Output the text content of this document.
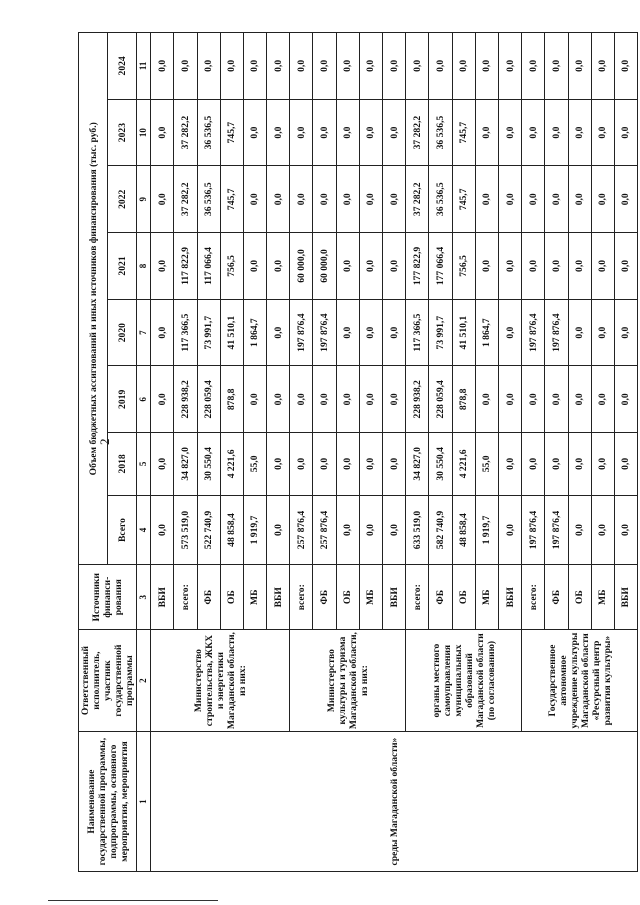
2
Наименование государственной программы, подпрограммы, основного мероприятия, мероприятия	Ответственный исполнитель, участник государственной программы	Источники финанси-рования	Объем бюджетных ассигнований и иных источников финансирования (тыс. руб.)							
			Всего	2018	2019	2020	2021	2022	2023	2024
1	2	3	4	5	6	7	8	9	10	11
среды Магаданской области»	Министерство строительства, ЖКХ и энергетики Магаданской области, из них:	ВБИ	0,0	0,0	0,0	0,0	0,0	0,0	0,0	0,0
		всего:	573 519,0	34 827,0	228 938,2	117 366,5	117 822,9	37 282,2	37 282,2	0,0
		ФБ	522 740,9	30 550,4	228 059,4	73 991,7	117 066,4	36 536,5	36 536,5	0,0
		ОБ	48 858,4	4 221,6	878,8	41 510,1	756,5	745,7	745,7	0,0
		МБ	1 919,7	55,0	0,0	1 864,7	0,0	0,0	0,0	0,0
		ВБИ	0,0	0,0	0,0	0,0	0,0	0,0	0,0	0,0
	Министерство культуры и туризма Магаданской области, из них:	всего:	257 876,4	0,0	0,0	197 876,4	60 000,0	0,0	0,0	0,0
		ФБ	257 876,4	0,0	0,0	197 876,4	60 000,0	0,0	0,0	0,0
		ОБ	0,0	0,0	0,0	0,0	0,0	0,0	0,0	0,0
		МБ	0,0	0,0	0,0	0,0	0,0	0,0	0,0	0,0
		ВБИ	0,0	0,0	0,0	0,0	0,0	0,0	0,0	0,0
	органы местного самоуправления муниципальных образований Магаданской области (по согласованию)	всего:	633 519,0	34 827,0	228 938,2	117 366,5	177 822,9	37 282,2	37 282,2	0,0
		ФБ	582 740,9	30 550,4	228 059,4	73 991,7	177 066,4	36 536,5	36 536,5	0,0
		ОБ	48 858,4	4 221,6	878,8	41 510,1	756,5	745,7	745,7	0,0
		МБ	1 919,7	55,0	0,0	1 864,7	0,0	0,0	0,0	0,0
		ВБИ	0,0	0,0	0,0	0,0	0,0	0,0	0,0	0,0
	Государственное автономное учреждение культуры Магаданской области «Ресурсный центр развития культуры»	всего:	197 876,4	0,0	0,0	197 876,4	0,0	0,0	0,0	0,0
		ФБ	197 876,4	0,0	0,0	197 876,4	0,0	0,0	0,0	0,0
		ОБ	0,0	0,0	0,0	0,0	0,0	0,0	0,0	0,0
		МБ	0,0	0,0	0,0	0,0	0,0	0,0	0,0	0,0
		ВБИ	0,0	0,0	0,0	0,0	0,0	0,0	0,0	0,0
